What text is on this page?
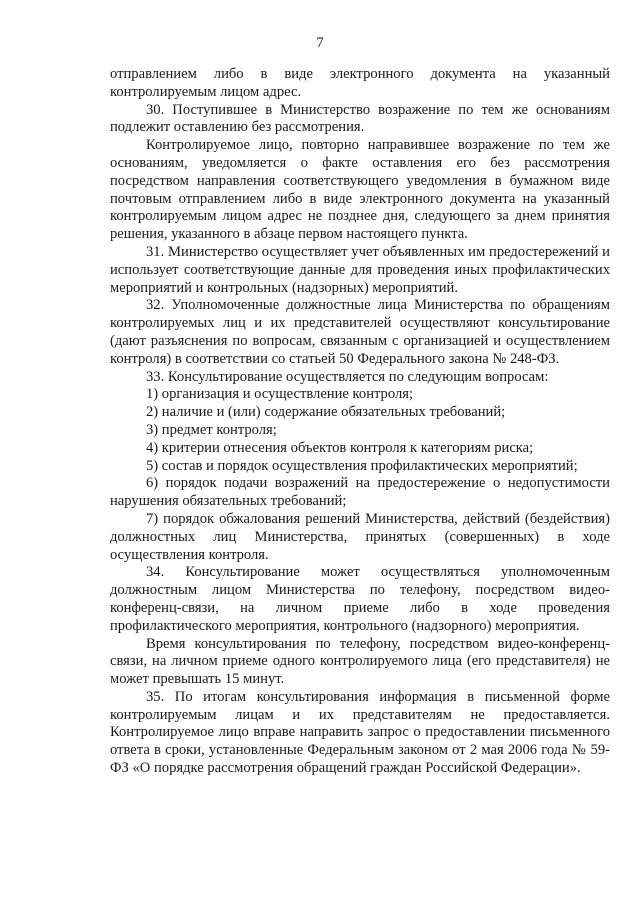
7

отправлением либо в виде электронного документа на указанный контролируемым лицом адрес.

30. Поступившее в Министерство возражение по тем же основаниям подлежит оставлению без рассмотрения.

Контролируемое лицо, повторно направившее возражение по тем же основаниям, уведомляется о факте оставления его без рассмотрения посредством направления соответствующего уведомления в бумажном виде почтовым отправлением либо в виде электронного документа на указанный контролируемым лицом адрес не позднее дня, следующего за днем принятия решения, указанного в абзаце первом настоящего пункта.

31. Министерство осуществляет учет объявленных им предостережений и использует соответствующие данные для проведения иных профилактических мероприятий и контрольных (надзорных) мероприятий.

32. Уполномоченные должностные лица Министерства по обращениям контролируемых лиц и их представителей осуществляют консультирование (дают разъяснения по вопросам, связанным с организацией и осуществлением контроля) в соответствии со статьей 50 Федерального закона № 248-ФЗ.

33. Консультирование осуществляется по следующим вопросам:

1) организация и осуществление контроля;

2) наличие и (или) содержание обязательных требований;

3) предмет контроля;

4) критерии отнесения объектов контроля к категориям риска;

5) состав и порядок осуществления профилактических мероприятий;

6) порядок подачи возражений на предостережение о недопустимости нарушения обязательных требований;

7) порядок обжалования решений Министерства, действий (бездействия) должностных лиц Министерства, принятых (совершенных) в ходе осуществления контроля.

34. Консультирование может осуществляться уполномоченным должностным лицом Министерства по телефону, посредством видео-конференц-связи, на личном приеме либо в ходе проведения профилактического мероприятия, контрольного (надзорного) мероприятия.

Время консультирования по телефону, посредством видео-конференц-связи, на личном приеме одного контролируемого лица (его представителя) не может превышать 15 минут.

35. По итогам консультирования информация в письменной форме контролируемым лицам и их представителям не предоставляется. Контролируемое лицо вправе направить запрос о предоставлении письменного ответа в сроки, установленные Федеральным законом от 2 мая 2006 года № 59-ФЗ «О порядке рассмотрения обращений граждан Российской Федерации».
